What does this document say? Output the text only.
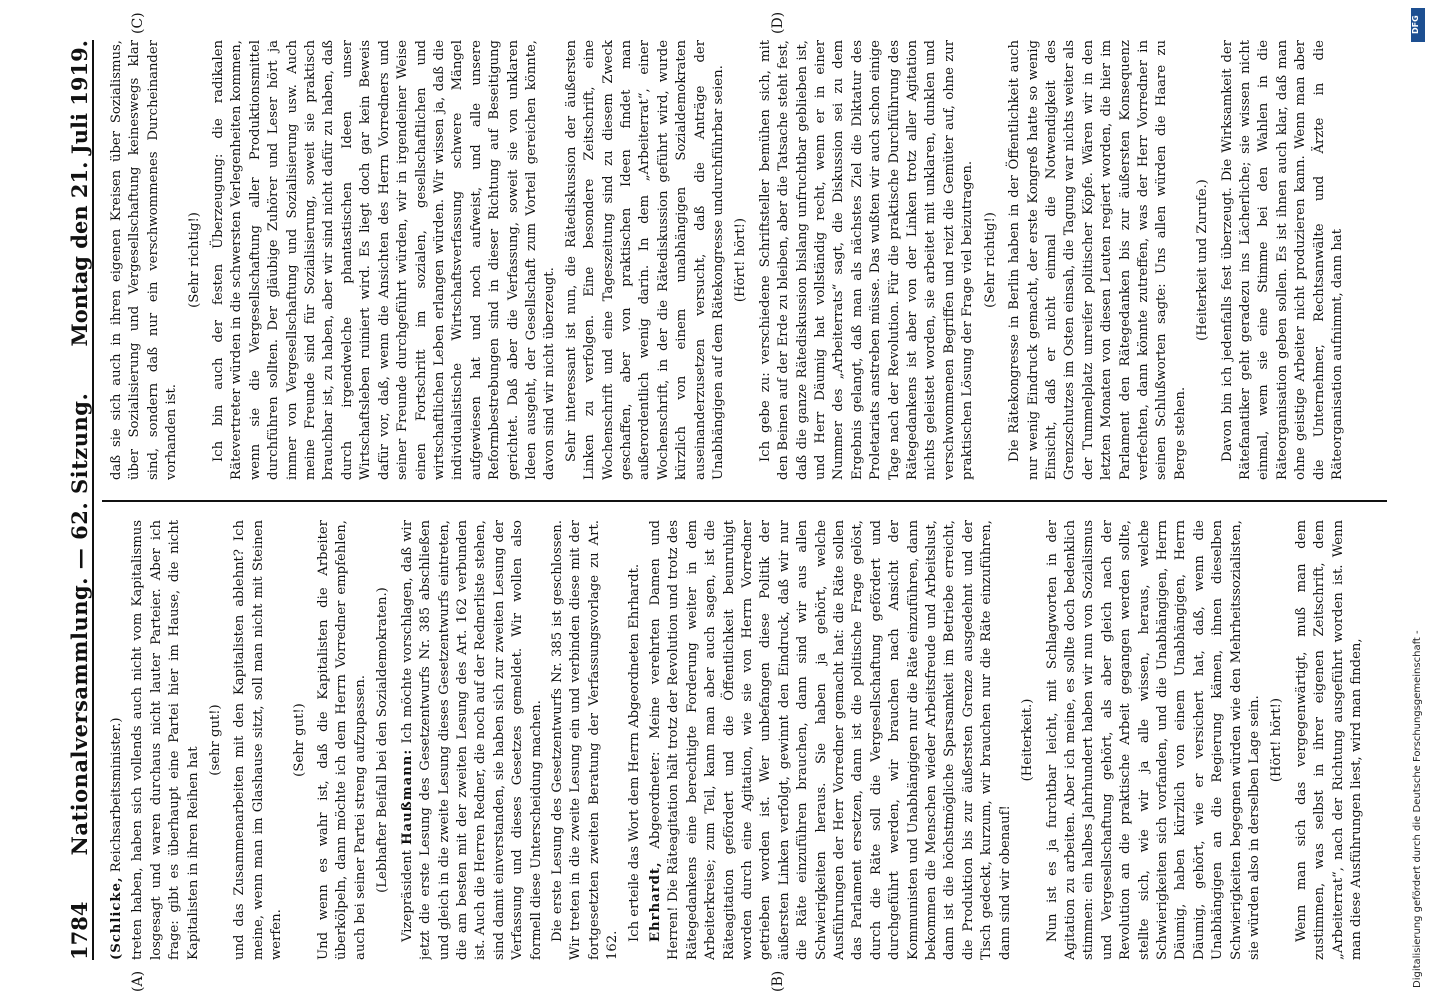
1784
Nationalversammlung. — 62. Sitzung.
Montag den 21. Juli 1919.
(A)	(B)
(C)	(D)

(Schlicke, Reichsarbeitsminister.) treten haben, haben sich vollends auch nicht vom Kapitalismus losgesagt und waren durchaus nicht lauter Parteier. Aber ich frage: gibt es überhaupt eine Partei hier im Hause, die nicht Kapitalisten in ihren Reihen hat

(sehr gut!) und das Zusammenarbeiten mit den Kapitalisten ablehnt? Ich meine, wenn man im Glashause sitzt, soll man nicht mit Steinen werfen.

(Sehr gut!) Und wenn es wahr ist, daß die Kapitalisten die Arbeiter überkölpeln, dann möchte ich dem Herrn Vorredner empfehlen, auch bei seiner Partei streng aufzupassen. (Lebhafter Beifall bei den Sozialdemokraten.)

Vizepräsident Haußmann: Ich möchte vorschlagen, daß wir jetzt die erste Lesung des Gesetzentwurfs Nr. 385 abschließen und gleich in die zweite Lesung dieses Gesetzentwurfs eintreten, die am besten mit der zweiten Lesung des Art. 162 verbunden ist. Auch die Herren Redner, die noch auf der Rednerliste stehen, sind damit einverstanden, sie haben sich zur zweiten Lesung der Verfassung und dieses Gesetzes gemeldet. Wir wollen also formell diese Unterscheidung machen. Die erste Lesung des Gesetzentwurfs Nr. 385 ist geschlossen. Wir treten in die zweite Lesung ein und verbinden diese mit der fortgesetzten zweiten Beratung der Verfassungsvorlage zu Art. 162.

Ich erteile das Wort dem Herrn Abgeordneten Ehrhardt. Ehrhardt, Abgeordneter: Meine verehrten Damen und Herren! Die Räteagitation hält trotz der Revolution und trotz des Rätegedankens eine berechtigte Forderung weiter in dem Arbeiterkreise; zum Teil, kann man aber auch sagen, ist die Räteagitation gefördert und die Öffentlichkeit beunruhigt worden durch eine Agitation, wie sie von Herrn Vorredner getrieben worden ist. Wer unbefangen diese Politik der äußersten Linken verfolgt, gewinnt den Eindruck, daß wir nur die Räte einzuführen brauchen, dann sind wir aus allen Schwierigkeiten heraus. Sie haben ja gehört, welche Ausführungen der Herr Vorredner gemacht hat: die Räte sollen das Parlament ersetzen, dann ist die politische Frage gelöst, durch die Räte soll die Vergesellschaftung gefördert und durchgeführt werden, wir brauchen nach Ansicht der Kommunisten und Unabhängigen nur die Räte einzuführen, dann bekommen die Menschen wieder Arbeitsfreude und Arbeitslust, dann ist die höchstmögliche Sparsamkeit im Betriebe erreicht, die Produktion bis zur äußersten Grenze ausgedehnt und der Tisch gedeckt, kurzum, wir brauchen nur die Räte einzuführen, dann sind wir obenauf!

(Heiterkeit.) Nun ist es ja furchtbar leicht, mit Schlagworten in der Agitation zu arbeiten. Aber ich meine, es sollte doch bedenklich stimmen: ein halbes Jahrhundert haben wir nun von Sozialismus und Vergesellschaftung gehört, als aber gleich nach der Revolution an die praktische Arbeit gegangen werden sollte, stellte sich, wie wir ja alle wissen, heraus, welche Schwierigkeiten sich vorfanden, und die Unabhängigen, Herrn Däumig, haben kürzlich von einem Unabhängigen, Herrn Däumig, gehört, wie er versichert hat, daß, wenn die Unabhängigen an die Regierung kämen, ihnen dieselben Schwierigkeiten begegnen würden wie den Mehrheitssozialisten, sie würden also in derselben Lage sein. (Hört! hört!) Wenn man sich das vergegenwärtigt, muß man dem zustimmen, was selbst in ihrer eigenen Zeitschrift, dem „Arbeiterrat“, nach der Richtung ausgeführt worden ist. Wenn man diese Ausführungen liest, wird man finden,

daß sie sich auch in ihren eigenen Kreisen über Sozialismus, über Sozialisierung und Vergesellschaftung keineswegs klar sind, sondern daß nur ein verschwommenes Durcheinander vorhanden ist.

(Sehr richtig!) Ich bin auch der festen Überzeugung: die radikalen Rätevertreter würden in die schwersten Verlegenheiten kommen, wenn sie die Vergesellschaftung aller Produktionsmittel durchführen sollten. Der gläubige Zuhörer und Leser hört ja immer von Vergesellschaftung und Sozialisierung usw. Auch meine Freunde sind für Sozialisierung, soweit sie praktisch brauchbar ist, zu haben, aber wir sind nicht dafür zu haben, daß durch irgendwelche phantastischen Ideen unser Wirtschaftsleben ruiniert wird. Es liegt doch gar kein Beweis dafür vor, daß, wenn die Ansichten des Herrn Vorredners und seiner Freunde durchgeführt würden, wir in irgendeiner Weise einen Fortschritt im sozialen, gesellschaftlichen und wirtschaftlichen Leben erlangen würden. Wir wissen ja, daß die individualistische Wirtschaftsverfassung schwere Mängel aufgewiesen hat und noch aufweist, und alle unsere Reformbestrebungen sind in dieser Richtung auf Beseitigung gerichtet. Daß aber die Verfassung, soweit sie von unklaren Ideen ausgeht, der Gesellschaft zum Vorteil gereichen könnte, davon sind wir nicht überzeugt. Sehr interessant ist nun, die Rätediskussion der äußersten Linken zu verfolgen. Eine besondere Zeitschrift, eine Wochenschrift und eine Tageszeitung sind zu diesem Zweck geschaffen, aber von praktischen Ideen findet man außerordentlich wenig darin. In dem „Arbeiterrat“, einer Wochenschrift, in der die Rätediskussion geführt wird, wurde kürzlich von einem unabhängigen Sozialdemokraten auseinanderzusetzen versucht, daß die Anträge der Unabhängigen auf dem Rätekongresse undurchführbar seien. (Hört! hört!) Ich gebe zu: verschiedene Schriftsteller bemühen sich, mit den Beinen auf der Erde zu bleiben, aber die Tatsache steht fest, daß die ganze Rätediskussion bislang unfruchtbar geblieben ist, und Herr Däumig hat vollständig recht, wenn er in einer Nummer des „Arbeiterrats“ sagt, die Diskussion sei zu dem Ergebnis gelangt, daß man als nächstes Ziel die Diktatur des Proletariats anstreben müsse. Das wußten wir auch schon einige Tage nach der Revolution. Für die praktische Durchführung des Rätegedankens ist aber von der Linken trotz aller Agitation nichts geleistet worden, sie arbeitet mit unklaren, dunklen und verschwommenen Begriffen und reizt die Gemüter auf, ohne zur praktischen Lösung der Frage viel beizutragen. (Sehr richtig!) Die Rätekongresse in Berlin haben in der Öffentlichkeit auch nur wenig Eindruck gemacht, der erste Kongreß hatte so wenig Einsicht, daß er nicht einmal die Notwendigkeit des Grenzschutzes im Osten einsah, die Tagung war nichts weiter als der Tummelplatz unreifer politischer Köpfe. Wären wir in den letzten Monaten von diesen Leuten regiert worden, die hier im Parlament den Rätegedanken bis zur äußersten Konsequenz verfechten, dann könnte zutreffen, was der Herr Vorredner in seinen Schlußworten sagte: Uns allen würden die Haare zu Berge stehen.

(Heiterkeit und Zurufe.) Davon bin ich jedenfalls fest überzeugt. Die Wirksamkeit der Rätefanatiker geht geradezu ins Lächerliche; sie wissen nicht einmal, wem sie eine Stimme bei den Wahlen in die Räteorganisation geben sollen. Es ist ihnen auch klar, daß man ohne geistige Arbeiter nicht produzieren kann. Wenn man aber die Unternehmer, Rechtsanwälte und Ärzte in die Räteorganisation aufnimmt, dann hat

DFG
Digitalisierung gefördert durch die Deutsche Forschungsgemeinschaft -
